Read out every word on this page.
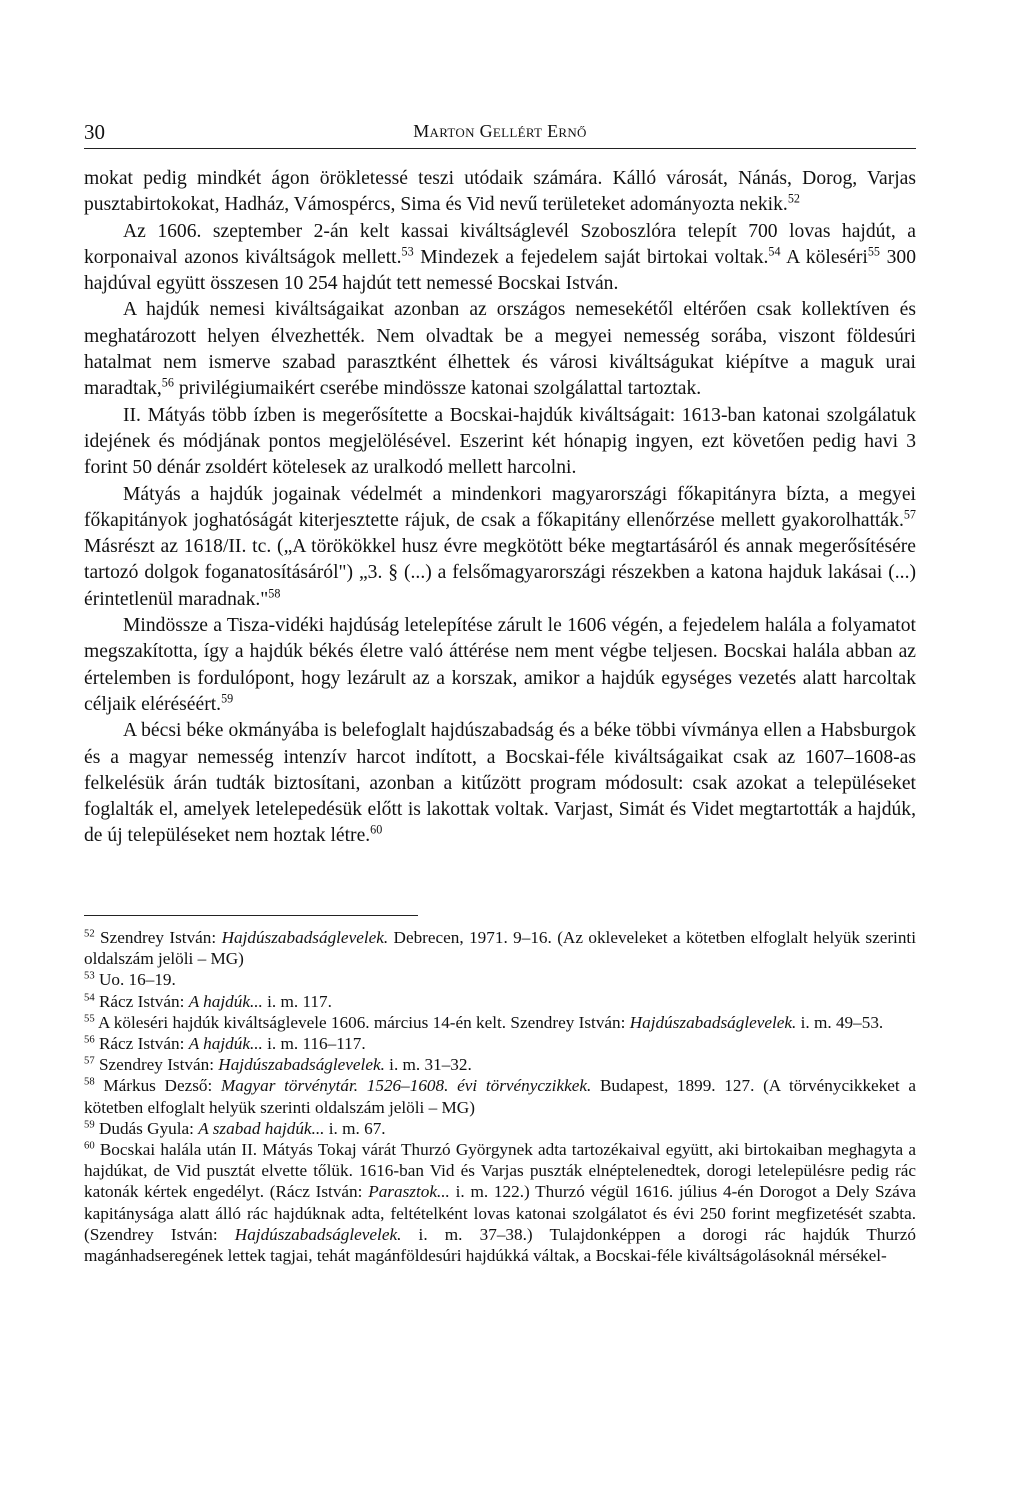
30	Marton Gellért Ernő

mokat pedig mindkét ágon örökletessé teszi utódaik számára. Kálló városát, Nánás, Dorog, Varjas pusztabirtokokat, Hadház, Vámospércs, Sima és Vid nevű területeket adományozta nekik.$^{52}$

Az 1606. szeptember 2-án kelt kassai kiváltságlevél Szoboszlóra telepít 700 lovas hajdút, a korponaival azonos kiváltságok mellett.$^{53}$ Mindezek a fejedelem saját birtokai voltak.$^{54}$ A köleséri$^{55}$ 300 hajdúval együtt összesen 10 254 hajdút tett nemessé Bocskai István.

A hajdúk nemesi kiváltságaikat azonban az országos nemesekétől eltérően csak kollektíven és meghatározott helyen élvezhették. Nem olvadtak be a megyei nemesség sorába, viszont földesúri hatalmat nem ismerve szabad parasztként élhettek és városi kiváltságukat kiépítve a maguk urai maradtak,$^{56}$ privilégiumaikért cserébe mindössze katonai szolgálattal tartoztak.

II. Mátyás több ízben is megerősítette a Bocskai-hajdúk kiváltságait: 1613-ban katonai szolgálatuk idejének és módjának pontos megjelölésével. Eszerint két hónapig ingyen, ezt követően pedig havi 3 forint 50 dénár zsoldért kötelesek az uralkodó mellett harcolni.

Mátyás a hajdúk jogainak védelmét a mindenkori magyarországi főkapitányra bízta, a megyei főkapitányok joghatóságát kiterjesztette rájuk, de csak a főkapitány ellenőrzése mellett gyakorolhatták.$^{57}$ Másrészt az 1618/II. tc. („A törökökkel husz évre megkötött béke megtartásáról és annak megerősítésére tartozó dolgok foganatosításáról") „3. § (...) a felsőmagyarországi részekben a katona hajduk lakásai (...) érintetlenül maradnak."$^{58}$

Mindössze a Tisza-vidéki hajdúság letelepítése zárult le 1606 végén, a fejedelem halála a folyamatot megszakította, így a hajdúk békés életre való áttérése nem ment végbe teljesen. Bocskai halála abban az értelemben is fordulópont, hogy lezárult az a korszak, amikor a hajdúk egységes vezetés alatt harcoltak céljaik eléréséért.$^{59}$

A bécsi béke okmányába is belefoglalt hajdúszabadság és a béke többi vívmánya ellen a Habsburgok és a magyar nemesség intenzív harcot indított, a Bocskai-féle kiváltságaikat csak az 1607–1608-as felkelésük árán tudták biztosítani, azonban a kitűzött program módosult: csak azokat a településeket foglalták el, amelyek letelepedésük előtt is lakottak voltak. Varjast, Simát és Videt megtartották a hajdúk, de új településeket nem hoztak létre.$^{60}$

$^{52}$ Szendrey István: Hajdúszabadságlevelek. Debrecen, 1971. 9–16. (Az okleveleket a kötetben elfoglalt helyük szerinti oldalszám jelöli – MG)

$^{53}$ Uo. 16–19.

$^{54}$ Rácz István: A hajdúk... i. m. 117.

$^{55}$ A köleséri hajdúk kiváltságlevele 1606. március 14-én kelt. Szendrey István: Hajdúszabadságlevelek. i. m. 49–53.

$^{56}$ Rácz István: A hajdúk... i. m. 116–117.

$^{57}$ Szendrey István: Hajdúszabadságlevelek. i. m. 31–32.

$^{58}$ Márkus Dezső: Magyar törvénytár. 1526–1608. évi törvényczikkek. Budapest, 1899. 127. (A törvénycikkeket a kötetben elfoglalt helyük szerinti oldalszám jelöli – MG)

$^{59}$ Dudás Gyula: A szabad hajdúk... i. m. 67.

$^{60}$ Bocskai halála után II. Mátyás Tokaj várát Thurzó Györgynek adta tartozékaival együtt, aki birtokaiban meghagyta a hajdúkat, de Vid pusztát elvette tőlük. 1616-ban Vid és Varjas puszták elnéptelenedtek, dorogi letelepülésre pedig rác katonák kértek engedélyt. (Rácz István: Parasztok... i. m. 122.) Thurzó végül 1616. július 4-én Dorogot a Dely Száva kapitánysága alatt álló rác hajdúknak adta, feltételként lovas katonai szolgálatot és évi 250 forint megfizetését szabta. (Szendrey István: Hajdúszabadságlevelek. i. m. 37–38.) Tulajdonképpen a dorogi rác hajdúk Thurzó magánhadseregének lettek tagjai, tehát magánföldesúri hajdúkká váltak, a Bocskai-féle kiváltságolásoknál mérsékel-
